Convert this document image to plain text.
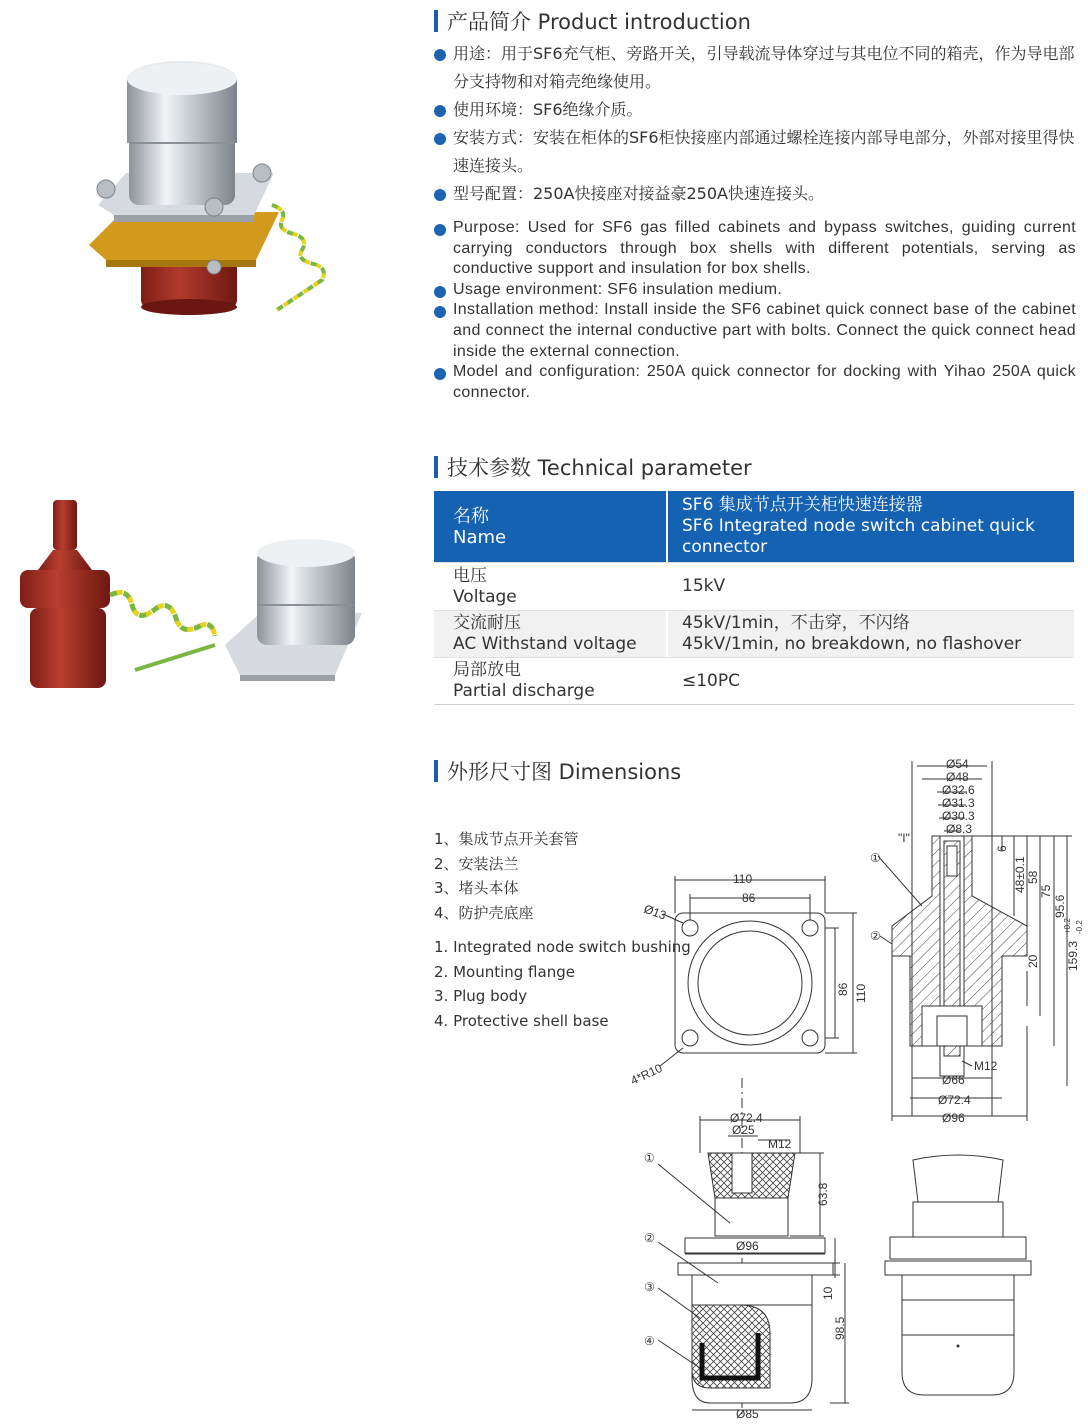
产品简介 Product introduction
用途：用于SF6充气柜、旁路开关，引导载流导体穿过与其电位不同的箱壳，作为导电部分支持物和对箱壳绝缘使用。
使用环境：SF6绝缘介质。
安装方式：安装在柜体的SF6柜快接座内部通过螺栓连接内部导电部分，外部对接里得快速连接头。
型号配置：250A快接座对接益豪250A快速连接头。
Purpose: Used for SF6 gas filled cabinets and bypass switches, guiding current carrying conductors through box shells with different potentials, serving as conductive support and insulation for box shells.
Usage environment: SF6 insulation medium.
Installation method: Install inside the SF6 cabinet quick connect base of the cabinet and connect the internal conductive part with bolts. Connect the quick connect head inside the external connection.
Model and configuration: 250A quick connector for docking with Yihao 250A quick connector.
技术参数 Technical parameter
名称
Name
SF6 集成节点开关柜快速连接器
SF6 Integrated node switch cabinet quick connector
电压
Voltage
15kV
交流耐压
AC Withstand voltage
45kV/1min，不击穿，不闪络
45kV/1min, no breakdown, no flashover
局部放电
Partial discharge
≤10PC
外形尺寸图 Dimensions
1、集成节点开关套管
2、安装法兰
3、堵头本体
4、防护壳底座
1. Integrated node switch bushing
2. Mounting flange
3. Plug body
4. Protective shell base
110
86
86 110
Ø13
4*R10
Ø54
Ø48
Ø32.6
Ø31.3
Ø30.3
Ø8.3
"I"
①
②
6
48±0.1 58
75
95.6
159.3
+0.2 -0.2
20
M12
Ø66
Ø72.4
Ø96
Ø72.4
Ø25
M12
63.8
Ø96
10
98.5
Ø85
①
②
③
④
